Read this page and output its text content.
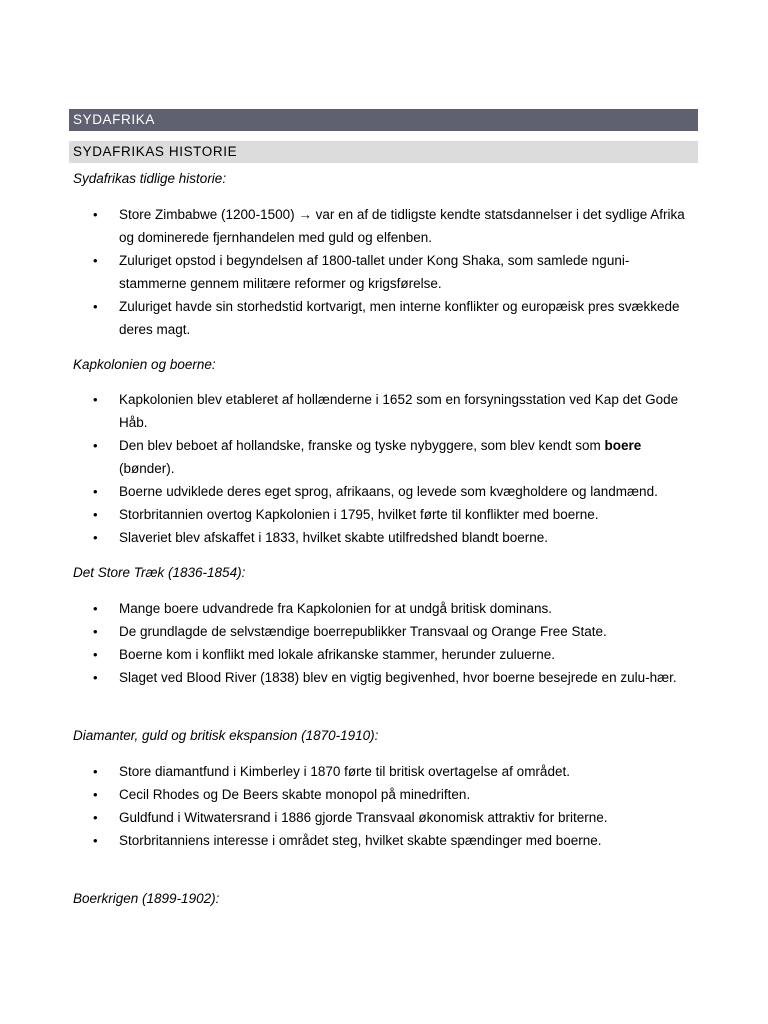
SYDAFRIKA
SYDAFRIKAS HISTORIE
Sydafrikas tidlige historie:
•	Store Zimbabwe (1200-1500) → var en af de tidligste kendte statsdannelser i det sydlige Afrika og dominerede fjernhandelen med guld og elfenben.
•	Zuluriget opstod i begyndelsen af 1800-tallet under Kong Shaka, som samlede nguni-stammerne gennem militære reformer og krigsførelse.
•	Zuluriget havde sin storhedstid kortvarigt, men interne konflikter og europæisk pres svækkede deres magt.
Kapkolonien og boerne:
•	Kapkolonien blev etableret af hollænderne i 1652 som en forsyningsstation ved Kap det Gode Håb.
•	Den blev beboet af hollandske, franske og tyske nybyggere, som blev kendt som boere (bønder).
•	Boerne udviklede deres eget sprog, afrikaans, og levede som kvægholdere og landmænd.
•	Storbritannien overtog Kapkolonien i 1795, hvilket førte til konflikter med boerne.
•	Slaveriet blev afskaffet i 1833, hvilket skabte utilfredshed blandt boerne.
Det Store Træk (1836-1854):
•	Mange boere udvandrede fra Kapkolonien for at undgå britisk dominans.
•	De grundlagde de selvstændige boerrepublikker Transvaal og Orange Free State.
•	Boerne kom i konflikt med lokale afrikanske stammer, herunder zuluerne.
•	Slaget ved Blood River (1838) blev en vigtig begivenhed, hvor boerne besejrede en zulu-hær.
Diamanter, guld og britisk ekspansion (1870-1910):
•	Store diamantfund i Kimberley i 1870 førte til britisk overtagelse af området.
•	Cecil Rhodes og De Beers skabte monopol på minedriften.
•	Guldfund i Witwatersrand i 1886 gjorde Transvaal økonomisk attraktiv for briterne.
•	Storbritanniens interesse i området steg, hvilket skabte spændinger med boerne.
Boerkrigen (1899-1902):
